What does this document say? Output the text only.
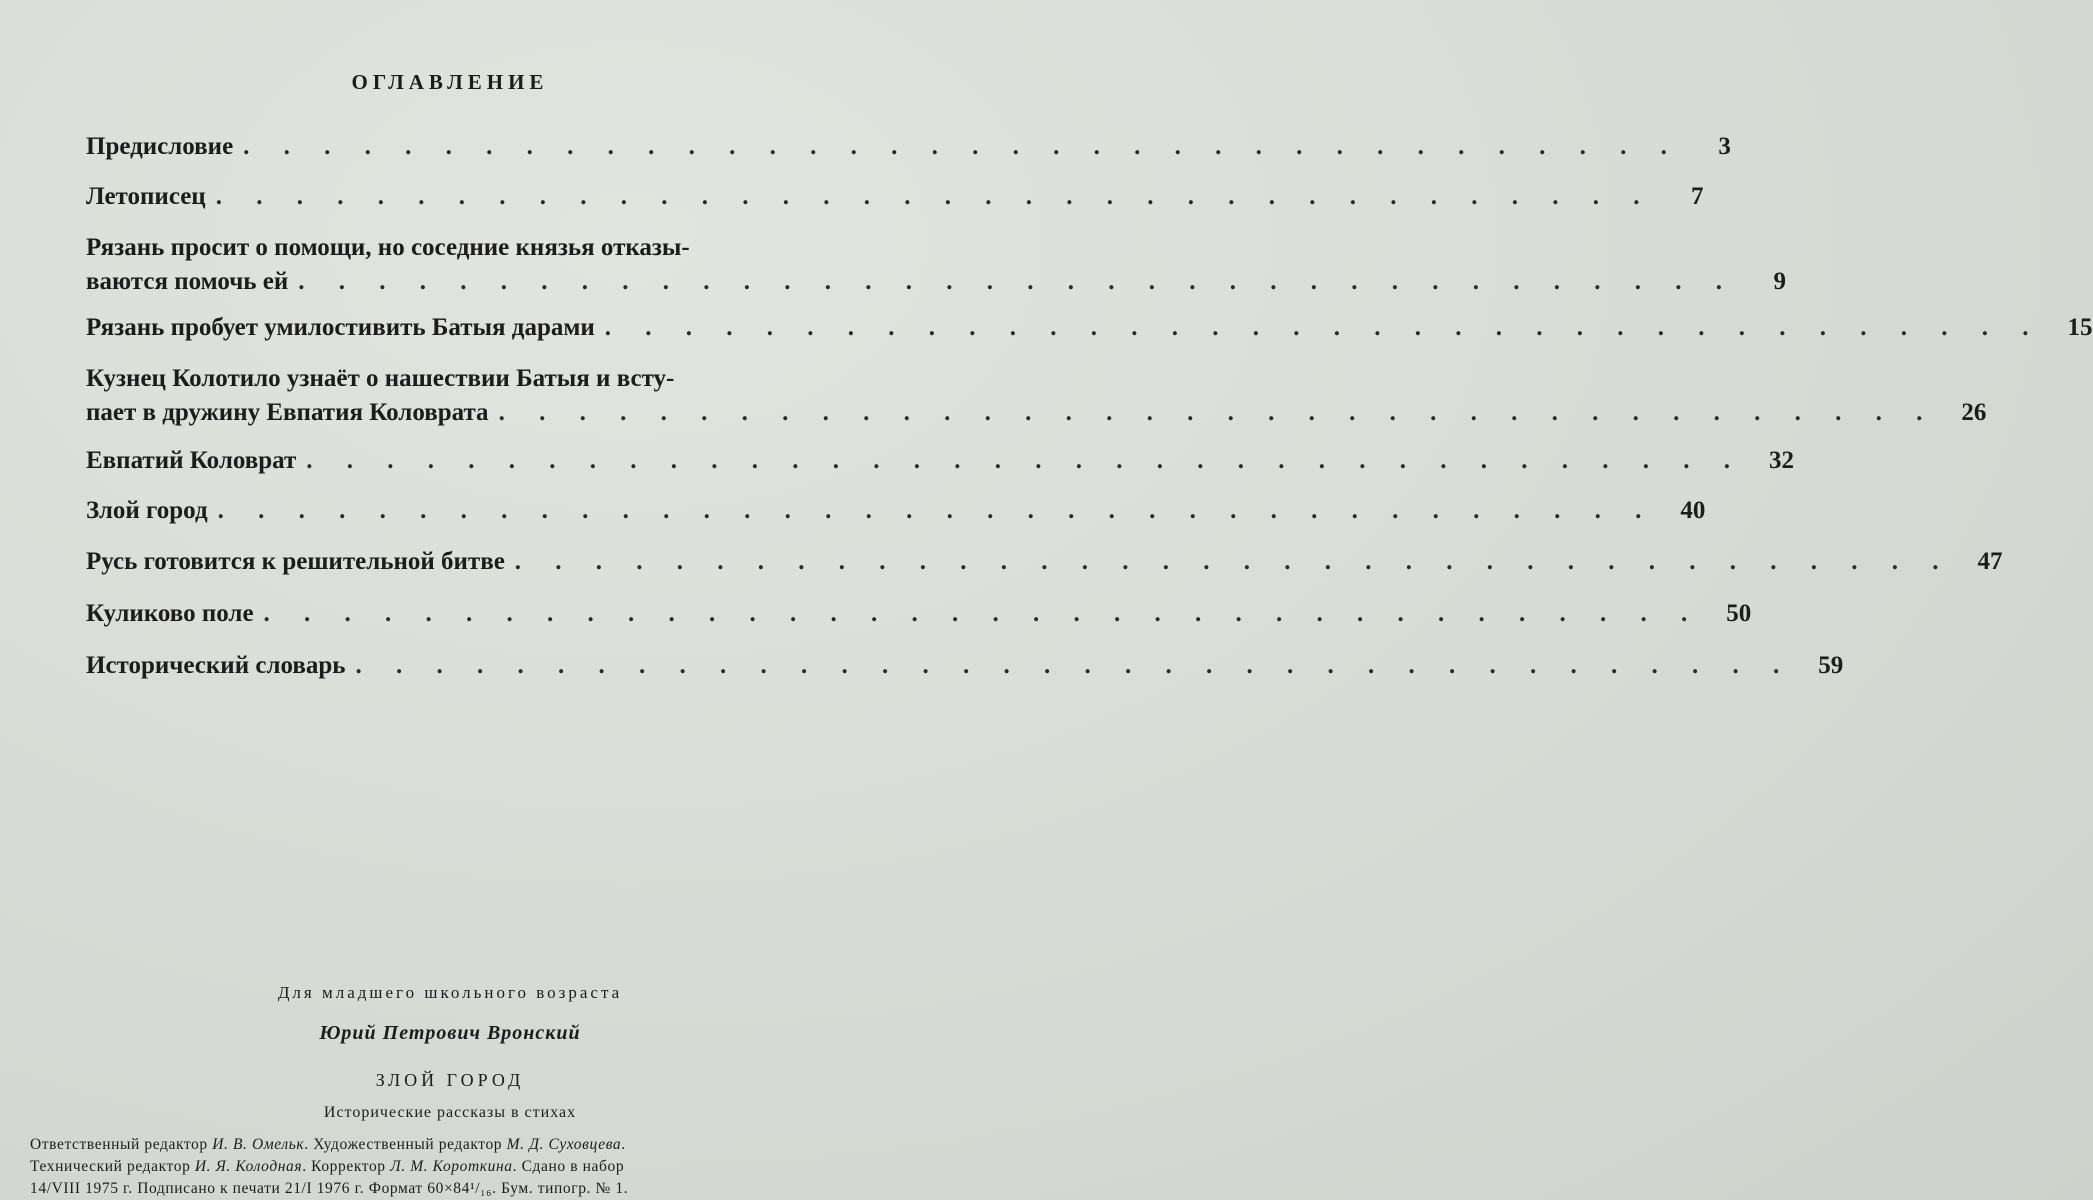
ОГЛАВЛЕНИЕ
Предисловие . . . . . . . . . . . . . . . . . . . . . . . . . . . . . . . . . . . .	3
Летописец . . . . . . . . . . . . . . . . . . . . . . . . . . . . . . . . . . . .	7
Рязань просит о помощи, но соседние князья отказы-
ваются помочь ей . . . . . . . . . . . . . . . . . . . . . . . . . . . . . . . . . . . .	9
Рязань пробует умилостивить Батыя дарами . . . . . . . . . . . . . . . . . . . . . . . . . . . . . . . . . . . .	15
Кузнец Колотило узнаёт о нашествии Батыя и всту-
пает в дружину Евпатия Коловрата . . . . . . . . . . . . . . . . . . . . . . . . . . . . . . . . . . . .	26
Евпатий Коловрат . . . . . . . . . . . . . . . . . . . . . . . . . . . . . . . . . . . .	32
Злой город . . . . . . . . . . . . . . . . . . . . . . . . . . . . . . . . . . . .	40
Русь готовится к решительной битве . . . . . . . . . . . . . . . . . . . . . . . . . . . . . . . . . . . .	47
Куликово поле . . . . . . . . . . . . . . . . . . . . . . . . . . . . . . . . . . . .	50
Исторический словарь . . . . . . . . . . . . . . . . . . . . . . . . . . . . . . . . . . . .	59
Для младшего школьного возраста
Юрий Петрович Вронский
ЗЛОЙ ГОРОД
Исторические рассказы в стихах
Ответственный редактор И. В. Омельк. Художественный редактор М. Д. Суховцева.
Технический редактор И. Я. Колодная. Корректор Л. М. Короткина. Сдано в набор
14/VIII 1975 г. Подписано к печати 21/I 1976 г. Формат 60×84¹/₁₆. Бум. типогр. № 1.
